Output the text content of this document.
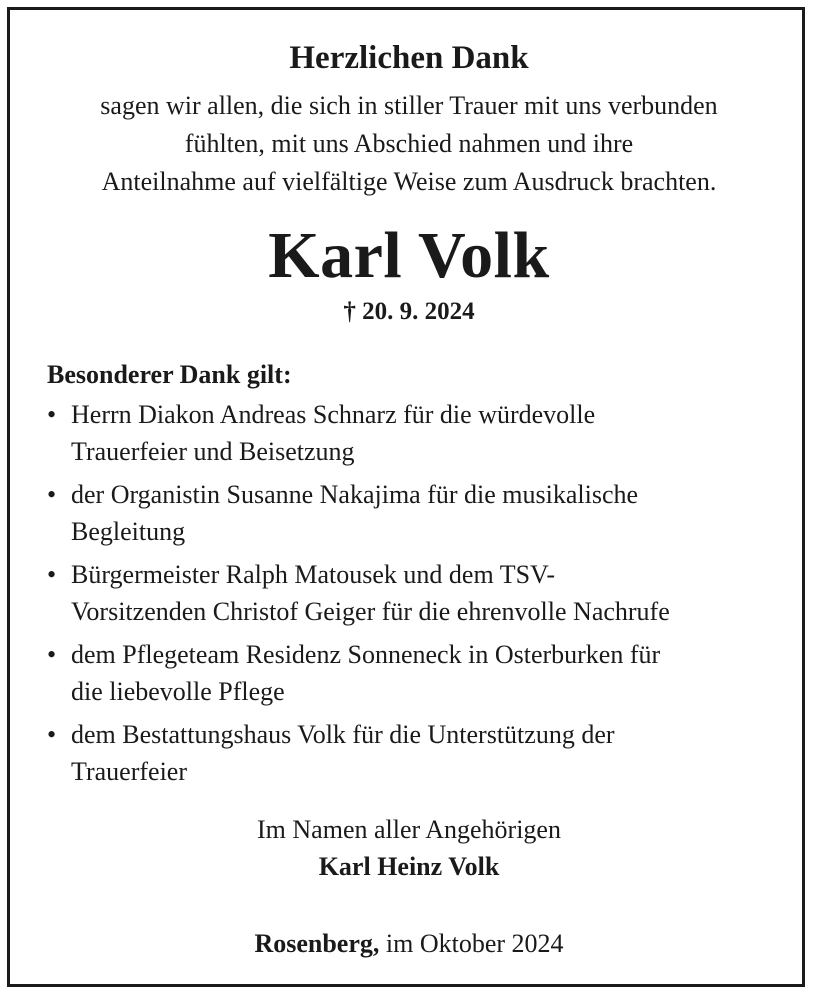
Herzlichen Dank
sagen wir allen, die sich in stiller Trauer mit uns verbunden
fühlten, mit uns Abschied nahmen und ihre
Anteilnahme auf vielfältige Weise zum Ausdruck brachten.
Karl Volk
† 20. 9. 2024
Besonderer Dank gilt:
• Herrn Diakon Andreas Schnarz für die würdevolle
Trauerfeier und Beisetzung
• der Organistin Susanne Nakajima für die musikalische
Begleitung
• Bürgermeister Ralph Matousek und dem TSV-
Vorsitzenden Christof Geiger für die ehrenvolle Nachrufe
• dem Pflegeteam Residenz Sonneneck in Osterburken für
die liebevolle Pflege
• dem Bestattungshaus Volk für die Unterstützung der
Trauerfeier
Im Namen aller Angehörigen
Karl Heinz Volk
Rosenberg, im Oktober 2024
